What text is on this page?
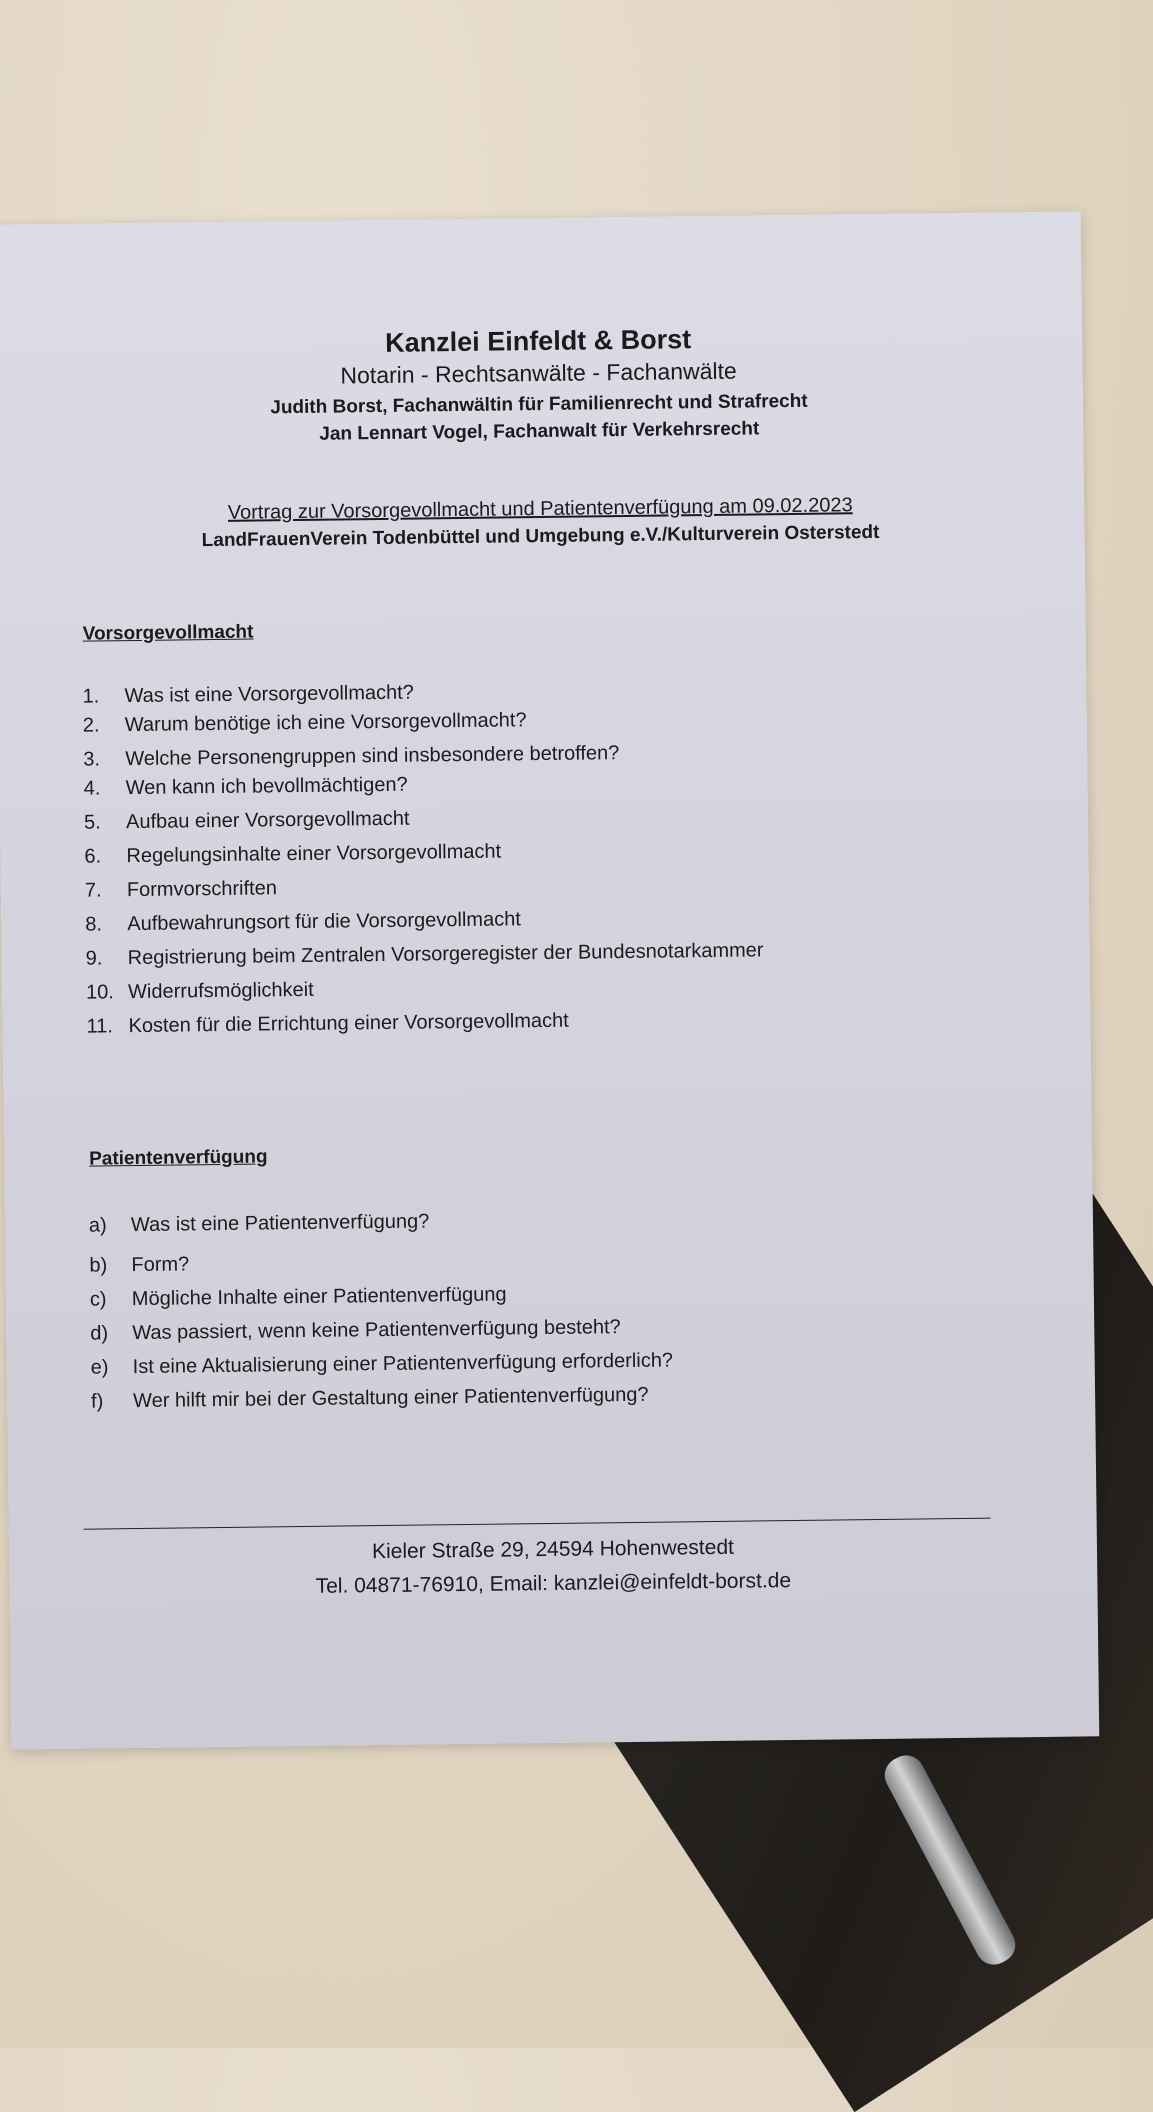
Kanzlei Einfeldt & Borst
Notarin - Rechtsanwälte - Fachanwälte
Judith Borst, Fachanwältin für Familienrecht und Strafrecht
Jan Lennart Vogel, Fachanwalt für Verkehrsrecht
Vortrag zur Vorsorgevollmacht und Patientenverfügung am 09.02.2023
LandFrauenVerein Todenbüttel und Umgebung e.V./Kulturverein Osterstedt
Vorsorgevollmacht
1.	Was ist eine Vorsorgevollmacht?
2.	Warum benötige ich eine Vorsorgevollmacht?
3.	Welche Personengruppen sind insbesondere betroffen?
4.	Wen kann ich bevollmächtigen?
5.	Aufbau einer Vorsorgevollmacht
6.	Regelungsinhalte einer Vorsorgevollmacht
7.	Formvorschriften
8.	Aufbewahrungsort für die Vorsorgevollmacht
9.	Registrierung beim Zentralen Vorsorgeregister der Bundesnotarkammer
10. Widerrufsmöglichkeit
11. Kosten für die Errichtung einer Vorsorgevollmacht
Patientenverfügung
a)	Was ist eine Patientenverfügung?
b)	Form?
c)	Mögliche Inhalte einer Patientenverfügung
d)	Was passiert, wenn keine Patientenverfügung besteht?
e)	Ist eine Aktualisierung einer Patientenverfügung erforderlich?
f)	Wer hilft mir bei der Gestaltung einer Patientenverfügung?
Kieler Straße 29, 24594 Hohenwestedt
Tel. 04871-76910, Email: kanzlei@einfeldt-borst.de
